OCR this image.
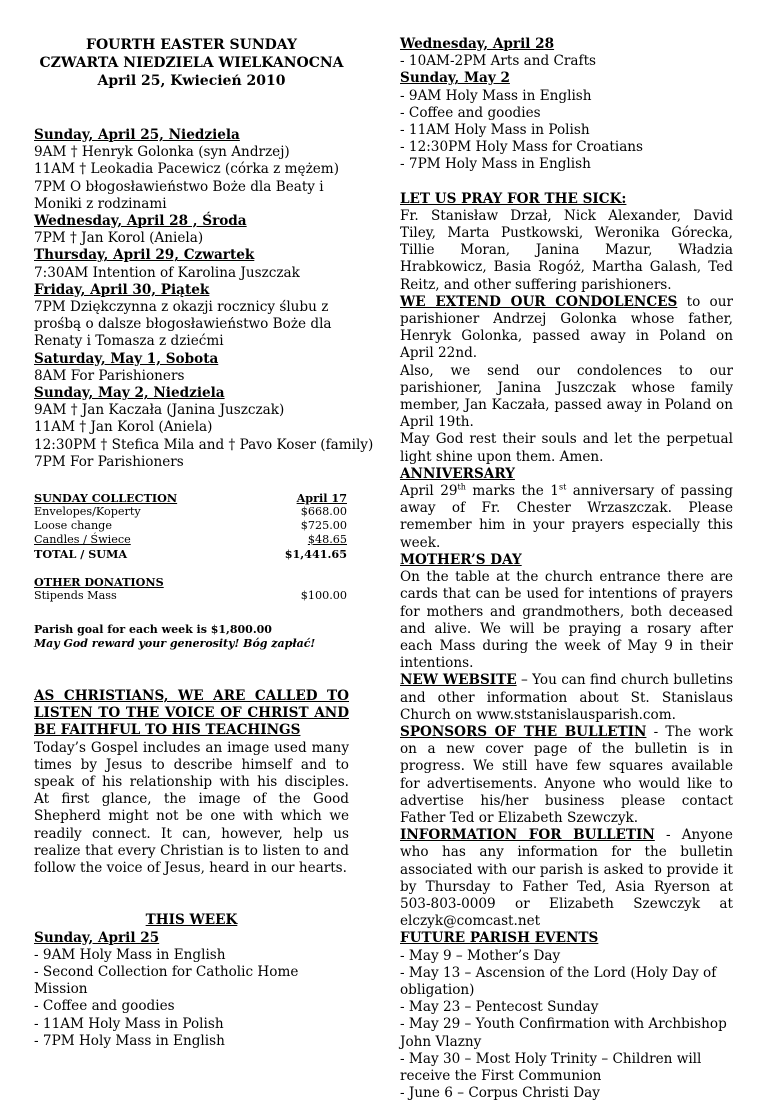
FOURTH EASTER SUNDAY
CZWARTA NIEDZIELA WIELKANOCNA
April 25, Kwiecień 2010
Sunday, April 25, Niedziela
9AM † Henryk Golonka (syn Andrzej)
11AM † Leokadia Pacewicz (córka z mężem)
7PM O błogosławieństwo Boże dla Beaty i Moniki z rodzinami
Wednesday, April 28 , Środa
7PM † Jan Korol (Aniela)
Thursday, April 29, Czwartek
7:30AM Intention of Karolina Juszczak
Friday, April 30, Piątek
7PM Dziękczynna z okazji rocznicy ślubu z prośbą o dalsze błogosławieństwo Boże dla Renaty i Tomasza z dziećmi
Saturday, May 1, Sobota
8AM For Parishioners
Sunday, May 2, Niedziela
9AM † Jan Kaczała (Janina Juszczak)
11AM † Jan Korol (Aniela)
12:30PM † Stefica Mila and † Pavo Koser (family)
7PM For Parishioners
SUNDAY COLLECTION	April 17
Envelopes/Koperty	$668.00
Loose change	$725.00
Candles / Świece	$48.65
TOTAL / SUMA	$1,441.65

OTHER DONATIONS	
Stipends Mass	$100.00
Parish goal for each week is $1,800.00
May God reward your generosity! Bóg zapłać!
AS CHRISTIANS, WE ARE CALLED TO LISTEN TO THE VOICE OF CHRIST AND BE FAITHFUL TO HIS TEACHINGS
Today’s Gospel includes an image used many times by Jesus to describe himself and to speak of his relationship with his disciples. At first glance, the image of the Good Shepherd might not be one with which we readily connect. It can, however, help us realize that every Christian is to listen to and follow the voice of Jesus, heard in our hearts.
THIS WEEK
Sunday, April 25
- 9AM Holy Mass in English
- Second Collection for Catholic Home Mission
- Coffee and goodies
- 11AM Holy Mass in Polish
- 7PM Holy Mass in English
Wednesday, April 28
- 10AM-2PM Arts and Crafts
Sunday, May 2
- 9AM Holy Mass in English
- Coffee and goodies
- 11AM Holy Mass in Polish
- 12:30PM Holy Mass for Croatians
- 7PM Holy Mass in English
LET US PRAY FOR THE SICK:
Fr. Stanisław Drzał, Nick Alexander, David Tiley, Marta Pustkowski, Weronika Górecka, Tillie Moran, Janina Mazur, Władzia Hrabkowicz, Basia Rogóż, Martha Galash, Ted Reitz, and other suffering parishioners.
WE EXTEND OUR CONDOLENCES to our parishioner Andrzej Golonka whose father, Henryk Golonka, passed away in Poland on April 22nd.
Also, we send our condolences to our parishioner, Janina Juszczak whose family member, Jan Kaczała, passed away in Poland on April 19th.
May God rest their souls and let the perpetual light shine upon them. Amen.
ANNIVERSARY
April 29th marks the 1st anniversary of passing away of Fr. Chester Wrzaszczak. Please remember him in your prayers especially this week.
MOTHER’S DAY
On the table at the church entrance there are cards that can be used for intentions of prayers for mothers and grandmothers, both deceased and alive. We will be praying a rosary after each Mass during the week of May 9 in their intentions.
NEW WEBSITE – You can find church bulletins and other information about St. Stanislaus Church on www.ststanislausparish.com.
SPONSORS OF THE BULLETIN - The work on a new cover page of the bulletin is in progress. We still have few squares available for advertisements. Anyone who would like to advertise his/her business please contact Father Ted or Elizabeth Szewczyk.
INFORMATION FOR BULLETIN - Anyone who has any information for the bulletin associated with our parish is asked to provide it by Thursday to Father Ted, Asia Ryerson at 503-803-0009 or Elizabeth Szewczyk at elczyk@comcast.net
FUTURE PARISH EVENTS
- May 9 – Mother’s Day
- May 13 – Ascension of the Lord (Holy Day of obligation)
- May 23 – Pentecost Sunday
- May 29 – Youth Confirmation with Archbishop John Vlazny
- May 30 – Most Holy Trinity – Children will receive the First Communion
- June 6 – Corpus Christi Day
